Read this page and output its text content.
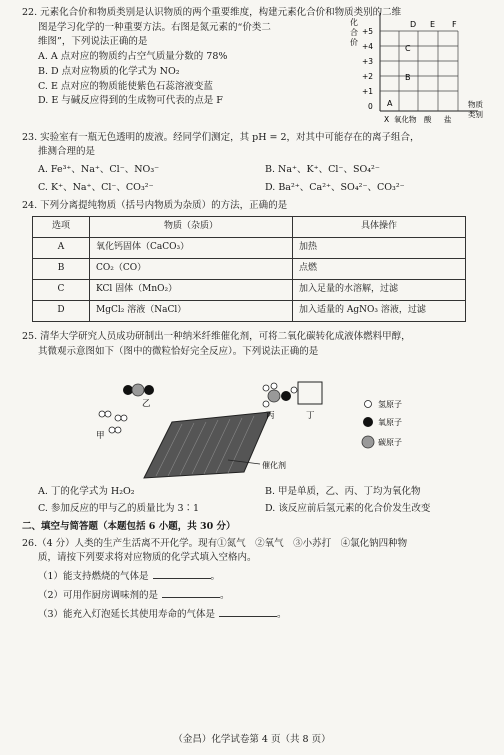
22. 元素化合价和物质类别是认识物质的两个重要维度，构建元素化合价和物质类别的二维
图是学习化学的一种重要方法。右图是氮元素的“价类二
维图”，下列说法正确的是
A. A 点对应的物质约占空气质量分数的 78%
B. D 点对应物质的化学式为 NO₂
C. E 点对应的物质能使紫色石蕊溶液变蓝
D. E 与碱反应得到的生成物可代表的点是 F
化
合
价
+5
+4
+3
+2
+1
0 A
B
C
D E F
X 氧化物 酸 盐
物质
类别
23. 实验室有一瓶无色透明的废液。经同学们测定，其 pH = 2，对其中可能存在的离子组合，
推测合理的是
A. Fe³⁺、Na⁺、Cl⁻、NO₃⁻	B. Na⁺、K⁺、Cl⁻、SO₄²⁻
C. K⁺、Na⁺、Cl⁻、CO₃²⁻	D. Ba²⁺、Ca²⁺、SO₄²⁻、CO₃²⁻
24. 下列分离提纯物质（括号内物质为杂质）的方法，正确的是
选项	物质（杂质）	具体操作
A	氧化钙固体（CaCO₃）	加热
B	CO₂（CO）	点燃
C	KCl 固体（MnO₂）	加入足量的水溶解，过滤
D	MgCl₂ 溶液（NaCl）	加入适量的 AgNO₃ 溶液，过滤
25. 清华大学研究人员成功研制出一种纳米纤维催化剂，可将二氧化碳转化成液体燃料甲醇，
其微观示意图如下（图中的微粒恰好完全反应）。下列说法正确的是
催化剂
乙
甲
丙	丁
氢原子
氧原子
碳原子
A. 丁的化学式为 H₂O₂	B. 甲是单质，乙、丙、丁均为氧化物
C. 参加反应的甲与乙的质量比为 3∶1	D. 该反应前后氢元素的化合价发生改变
二、填空与简答题（本题包括 6 小题，共 30 分）
26.（4 分）人类的生产生活离不开化学。现有①氮气　②氧气　③小苏打　④氯化钠四种物
质，请按下列要求将对应物质的化学式填入空格内。
（1）能支持燃烧的气体是	。
（2）可用作厨房调味剂的是	。
（3）能充入灯泡延长其使用寿命的气体是	。
（金昌）化学试卷第 4 页（共 8 页）
